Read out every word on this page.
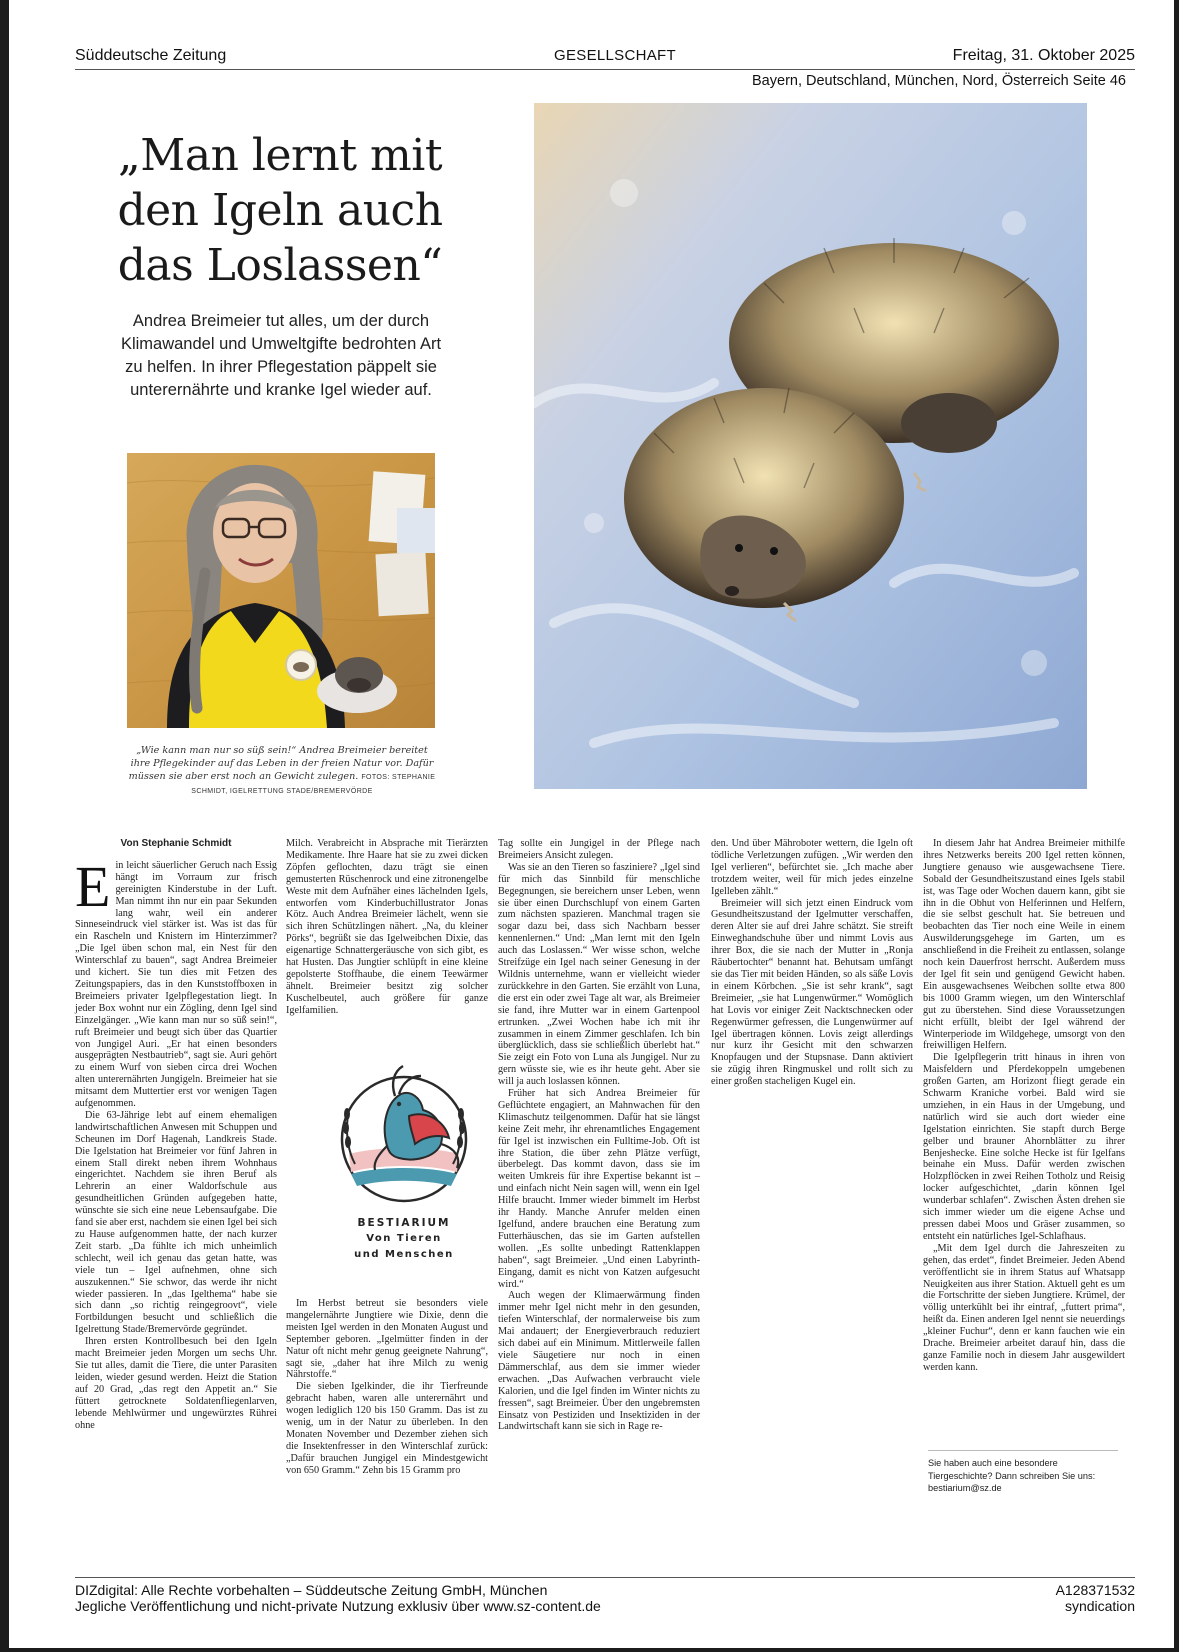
Süddeutsche Zeitung	GESELLSCHAFT	Freitag, 31. Oktober 2025
Bayern, Deutschland, München, Nord, Österreich Seite 46
„Man lernt mit den Igeln auch das Loslassen“
Andrea Breimeier tut alles, um der durch Klimawandel und Umweltgifte bedrohten Art zu helfen. In ihrer Pflegestation päppelt sie unterernährte und kranke Igel wieder auf.
„Wie kann man nur so süß sein!“ Andrea Breimeier bereitet ihre Pflegekinder auf das Leben in der freien Natur vor. Dafür müssen sie aber erst noch an Gewicht zulegen. FOTOS: STEPHANIE SCHMIDT, IGELRETTUNG STADE/BREMERVÖRDE
Von Stephanie Schmidt

E in leicht säuerlicher Geruch nach Essig hängt im Vorraum zur frisch gereinigten Kinderstube in der Luft. Man nimmt ihn nur ein paar Sekunden lang wahr, weil ein anderer Sinneseindruck viel stärker ist. Was ist das für ein Rascheln und Knistern im Hinterzimmer? „Die Igel üben schon mal, ein Nest für den Winterschlaf zu bauen“, sagt Andrea Breimeier und kichert. Sie tun dies mit Fetzen des Zeitungspapiers, das in den Kunststoffboxen in Breimeiers privater Igelpflegestation liegt. In jeder Box wohnt nur ein Zögling, denn Igel sind Einzelgänger. „Wie kann man nur so süß sein!“, ruft Breimeier und beugt sich über das Quartier von Jungigel Auri. „Er hat einen besonders ausgeprägten Nestbautrieb“, sagt sie. Auri gehört zu einem Wurf von sieben circa drei Wochen alten unterernährten Jungigeln. Breimeier hat sie mitsamt dem Muttertier erst vor wenigen Tagen aufgenommen.

Die 63-Jährige lebt auf einem ehemaligen landwirtschaftlichen Anwesen mit Schuppen und Scheunen im Dorf Hagenah, Landkreis Stade. Die Igelstation hat Breimeier vor fünf Jahren in einem Stall direkt neben ihrem Wohnhaus eingerichtet. Nachdem sie ihren Beruf als Lehrerin an einer Waldorfschule aus gesundheitlichen Gründen aufgegeben hatte, wünschte sie sich eine neue Lebensaufgabe. Die fand sie aber erst, nachdem sie einen Igel bei sich zu Hause aufgenommen hatte, der nach kurzer Zeit starb. „Da fühlte ich mich unheimlich schlecht, weil ich genau das getan hatte, was viele tun – Igel aufnehmen, ohne sich auszukennen.“ Sie schwor, das werde ihr nicht wieder passieren. In „das Igelthema“ habe sie sich dann „so richtig reingegroovt“, viele Fortbildungen besucht und schließlich die Igelrettung Stade/Bremervörde gegründet.

Ihren ersten Kontrollbesuch bei den Igeln macht Breimeier jeden Morgen um sechs Uhr. Sie tut alles, damit die Tiere, die unter Parasiten leiden, wieder gesund werden. Heizt die Station auf 20 Grad, „das regt den Appetit an.“ Sie füttert getrocknete Soldatenfliegenlarven, lebende Mehlwürmer und ungewürztes Rührei ohne

Milch. Verabreicht in Absprache mit Tierärzten Medikamente. Ihre Haare hat sie zu zwei dicken Zöpfen geflochten, dazu trägt sie einen gemusterten Rüschenrock und eine zitronengelbe Weste mit dem Aufnäher eines lächelnden Igels, entworfen vom Kinderbuchillustrator Jonas Kötz. Auch Andrea Breimeier lächelt, wenn sie sich ihren Schützlingen nähert. „Na, du kleiner Pörks“, begrüßt sie das Igelweibchen Dixie, das eigenartige Schnattergeräusche von sich gibt, es hat Husten. Das Jungtier schlüpft in eine kleine gepolsterte Stoffhaube, die einem Teewärmer ähnelt. Breimeier besitzt zig solcher Kuschelbeutel, auch größere für ganze Igelfamilien.

BESTIARIUM
Von Tieren
und Menschen

Im Herbst betreut sie besonders viele mangelernährte Jungtiere wie Dixie, denn die meisten Igel werden in den Monaten August und September geboren. „Igelmütter finden in der Natur oft nicht mehr genug geeignete Nahrung“, sagt sie, „daher hat ihre Milch zu wenig Nährstoffe.“

Die sieben Igelkinder, die ihr Tierfreunde gebracht haben, waren alle unterernährt und wogen lediglich 120 bis 150 Gramm. Das ist zu wenig, um in der Natur zu überleben. In den Monaten November und Dezember ziehen sich die Insektenfresser in den Winterschlaf zurück: „Dafür brauchen Jungigel ein Mindestgewicht von 650 Gramm.“ Zehn bis 15 Gramm pro

Tag sollte ein Jungigel in der Pflege nach Breimeiers Ansicht zulegen.

Was sie an den Tieren so fasziniere? „Igel sind für mich das Sinnbild für menschliche Begegnungen, sie bereichern unser Leben, wenn sie über einen Durchschlupf von einem Garten zum nächsten spazieren. Manchmal tragen sie sogar dazu bei, dass sich Nachbarn besser kennenlernen.“ Und: „Man lernt mit den Igeln auch das Loslassen.“ Wer wisse schon, welche Streifzüge ein Igel nach seiner Genesung in der Wildnis unternehme, wann er vielleicht wieder zurückkehre in den Garten. Sie erzählt von Luna, die erst ein oder zwei Tage alt war, als Breimeier sie fand, ihre Mutter war in einem Gartenpool ertrunken. „Zwei Wochen habe ich mit ihr zusammen in einem Zimmer geschlafen. Ich bin überglücklich, dass sie schließlich überlebt hat.“ Sie zeigt ein Foto von Luna als Jungigel. Nur zu gern wüsste sie, wie es ihr heute geht. Aber sie will ja auch loslassen können.

Früher hat sich Andrea Breimeier für Geflüchtete engagiert, an Mahnwachen für den Klimaschutz teilgenommen. Dafür hat sie längst keine Zeit mehr, ihr ehrenamtliches Engagement für Igel ist inzwischen ein Fulltime-Job. Oft ist ihre Station, die über zehn Plätze verfügt, überbelegt. Das kommt davon, dass sie im weiten Umkreis für ihre Expertise bekannt ist – und einfach nicht Nein sagen will, wenn ein Igel Hilfe braucht. Immer wieder bimmelt im Herbst ihr Handy. Manche Anrufer melden einen Igelfund, andere brauchen eine Beratung zum Futterhäuschen, das sie im Garten aufstellen wollen. „Es sollte unbedingt Rattenklappen haben“, sagt Breimeier. „Und einen Labyrinth-Eingang, damit es nicht von Katzen aufgesucht wird.“

Auch wegen der Klimaerwärmung finden immer mehr Igel nicht mehr in den gesunden, tiefen Winterschlaf, der normalerweise bis zum Mai andauert; der Energieverbrauch reduziert sich dabei auf ein Minimum. Mittlerweile fallen viele Säugetiere nur noch in einen Dämmerschlaf, aus dem sie immer wieder erwachen. „Das Aufwachen verbraucht viele Kalorien, und die Igel finden im Winter nichts zu fressen“, sagt Breimeier. Über den ungebremsten Einsatz von Pestiziden und Insektiziden in der Landwirtschaft kann sie sich in Rage re-

den. Und über Mähroboter wettern, die Igeln oft tödliche Verletzungen zufügen. „Wir werden den Igel verlieren“, befürchtet sie. „Ich mache aber trotzdem weiter, weil für mich jedes einzelne Igelleben zählt.“

Breimeier will sich jetzt einen Eindruck vom Gesundheitszustand der Igelmutter verschaffen, deren Alter sie auf drei Jahre schätzt. Sie streift Einweghandschuhe über und nimmt Lovis aus ihrer Box, die sie nach der Mutter in „Ronja Räubertochter“ benannt hat. Behutsam umfängt sie das Tier mit beiden Händen, so als säße Lovis in einem Körbchen. „Sie ist sehr krank“, sagt Breimeier, „sie hat Lungenwürmer.“ Womöglich hat Lovis vor einiger Zeit Nacktschnecken oder Regenwürmer gefressen, die Lungenwürmer auf Igel übertragen können. Lovis zeigt allerdings nur kurz ihr Gesicht mit den schwarzen Knopfaugen und der Stupsnase. Dann aktiviert sie zügig ihren Ringmuskel und rollt sich zu einer großen stacheligen Kugel ein.

In diesem Jahr hat Andrea Breimeier mithilfe ihres Netzwerks bereits 200 Igel retten können, Jungtiere genauso wie ausgewachsene Tiere. Sobald der Gesundheitszustand eines Igels stabil ist, was Tage oder Wochen dauern kann, gibt sie ihn in die Obhut von Helferinnen und Helfern, die sie selbst geschult hat. Sie betreuen und beobachten das Tier noch eine Weile in einem Auswilderungsgehege im Garten, um es anschließend in die Freiheit zu entlassen, solange noch kein Dauerfrost herrscht. Außerdem muss der Igel fit sein und genügend Gewicht haben. Ein ausgewachsenes Weibchen sollte etwa 800 bis 1000 Gramm wiegen, um den Winterschlaf gut zu überstehen. Sind diese Voraussetzungen nicht erfüllt, bleibt der Igel während der Winterperiode im Wildgehege, umsorgt von den freiwilligen Helfern.

Die Igelpflegerin tritt hinaus in ihren von Maisfeldern und Pferdekoppeln umgebenen großen Garten, am Horizont fliegt gerade ein Schwarm Kraniche vorbei. Bald wird sie umziehen, in ein Haus in der Umgebung, und natürlich wird sie auch dort wieder eine Igelstation einrichten. Sie stapft durch Berge gelber und brauner Ahornblätter zu ihrer Benjeshecke. Eine solche Hecke ist für Igelfans beinahe ein Muss. Dafür werden zwischen Holzpflöcken in zwei Reihen Totholz und Reisig locker aufgeschichtet, „darin können Igel wunderbar schlafen“. Zwischen Ästen drehen sie sich immer wieder um die eigene Achse und pressen dabei Moos und Gräser zusammen, so entsteht ein natürliches Igel-Schlafhaus.

„Mit dem Igel durch die Jahreszeiten zu gehen, das erdet“, findet Breimeier. Jeden Abend veröffentlicht sie in ihrem Status auf Whatsapp Neuigkeiten aus ihrer Station. Aktuell geht es um die Fortschritte der sieben Jungtiere. Krümel, der völlig unterkühlt bei ihr eintraf, „futtert prima“, heißt da. Einen anderen Igel nennt sie neuerdings „kleiner Fuchur“, denn er kann fauchen wie ein Drache. Breimeier arbeitet darauf hin, dass die ganze Familie noch in diesem Jahr ausgewildert werden kann.

Sie haben auch eine besondere
Tiergeschichte? Dann schreiben Sie uns:
bestiarium@sz.de
DIZdigital: Alle Rechte vorbehalten – Süddeutsche Zeitung GmbH, München
Jegliche Veröffentlichung und nicht-private Nutzung exklusiv über www.sz-content.de
A128371532
syndication
